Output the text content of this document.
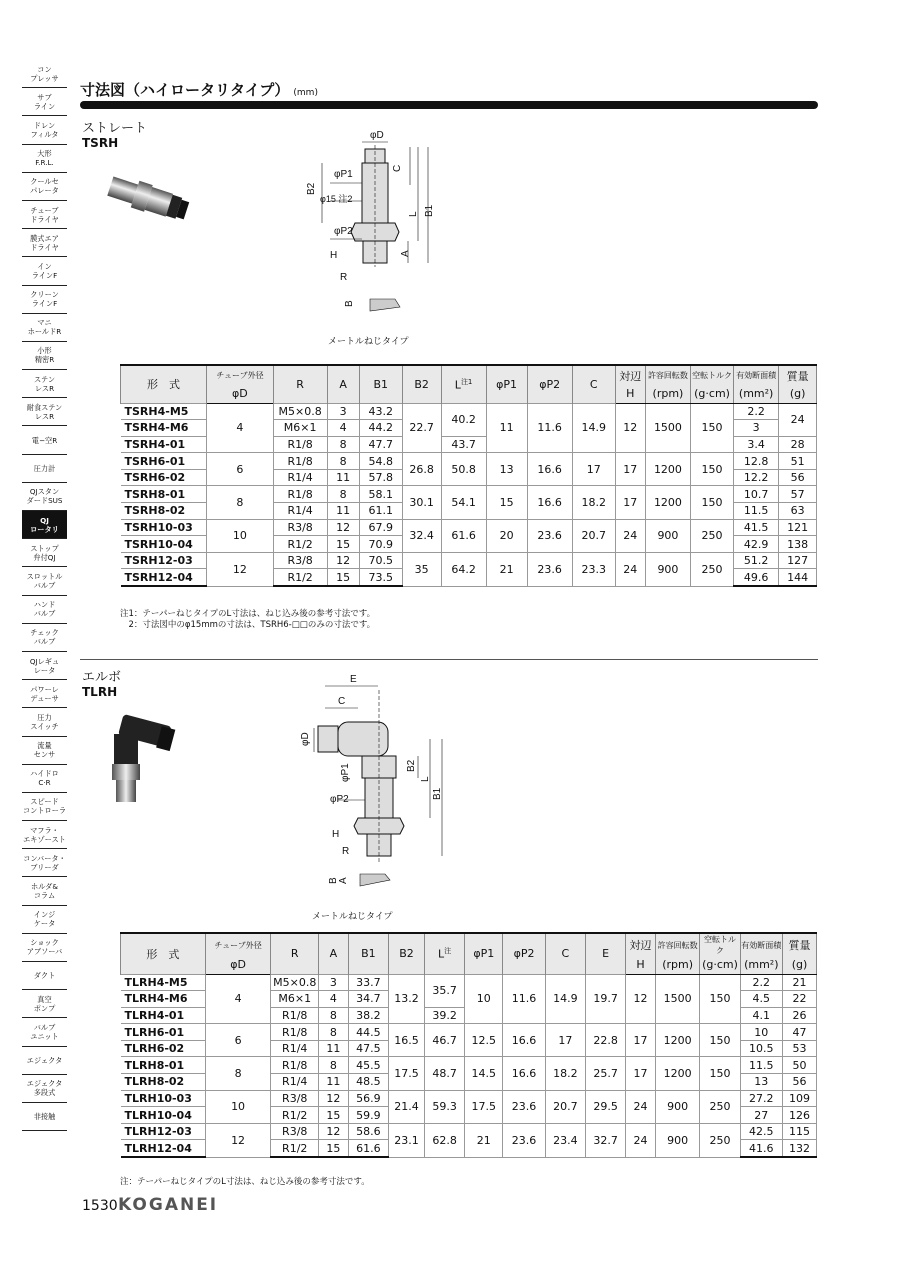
コン
プレッサ
サブ
ライン
ドレン
フィルタ
大形
F.R.L.
クールセ
パレータ
チューブ
ドライヤ
膜式エア
ドライヤ
イン
ラインF
クリーン
ラインF
マニ
ホールドR
小形
精密R
ステン
レスR
耐食ステン
レスR
電−空R
圧力計
QJスタン
ダードSUS
QJ
ロータリ
ストップ
弁付QJ
スロットル
バルブ
ハンド
バルブ
チェック
バルブ
QJレギュ
レータ
パワーレ
デューサ
圧力
スイッチ
流量
センサ
ハイドロ
C·R
スピード
コントローラ
マフラ・
エキゾースト
コンバータ・
ブリーダ
ホルダ&
コラム
インジ
ケータ
ショック
アブソーバ
ダクト
真空
ポンプ
バルブ
ユニット
エジェクタ
エジェクタ
多段式
非接触
寸法図（ハイロータリタイプ） (mm)
ストレート
TSRH
φD
φP1
φ15 注2
φP2
H
R
B2
C
L B1
A
B
メートルねじタイプ
形　式	チューブ外径	R	A	B1	B2	$L^{注1}$	φP1	φP2	C	対辺	許容回転数	空転トルク	有効断面積	質量
	φD									H	(rpm)	(g·cm)	(mm²)	(g)
TSRH4-M5	4	M5×0.8	3	43.2	22.7	40.2	11	11.6	14.9	12	1500	150	2.2	24
TSRH4-M6		M6×1	4	44.2									3	
TSRH4-01		R1/8	8	47.7		43.7							3.4	28
TSRH6-01	6	R1/8	8	54.8	26.8	50.8	13	16.6	17	17	1200	150	12.8	51
TSRH6-02		R1/4	11	57.8									12.2	56
TSRH8-01	8	R1/8	8	58.1	30.1	54.1	15	16.6	18.2	17	1200	150	10.7	57
TSRH8-02		R1/4	11	61.1									11.5	63
TSRH10-03	10	R3/8	12	67.9	32.4	61.6	20	23.6	20.7	24	900	250	41.5	121
TSRH10-04		R1/2	15	70.9									42.9	138
TSRH12-03	12	R3/8	12	70.5	35	64.2	21	23.6	23.3	24	900	250	51.2	127
TSRH12-04		R1/2	15	73.5									49.6	144
注1：テーパーねじタイプのL寸法は、ねじ込み後の参考寸法です。
　2：寸法図中のφ15mmの寸法は、TSRH6-□□のみの寸法です。
エルボ
TLRH
E
C
φD
φP1	B2
L
B1
φP2
H
R
A
B
メートルねじタイプ
形　式	チューブ外径	R	A	B1	B2	$L^注$	φP1	φP2	C	E	対辺	許容回転数	空転トルク	有効断面積	質量
	φD										H	(rpm)	(g·cm)	(mm²)	(g)
TLRH4-M5	4	M5×0.8	3	33.7	13.2	35.7	10	11.6	14.9	19.7	12	1500	150	2.2	21
TLRH4-M6		M6×1	4	34.7										4.5	22
TLRH4-01		R1/8	8	38.2		39.2								4.1	26
TLRH6-01	6	R1/8	8	44.5	16.5	46.7	12.5	16.6	17	22.8	17	1200	150	10	47
TLRH6-02		R1/4	11	47.5										10.5	53
TLRH8-01	8	R1/8	8	45.5	17.5	48.7	14.5	16.6	18.2	25.7	17	1200	150	11.5	50
TLRH8-02		R1/4	11	48.5										13	56
TLRH10-03	10	R3/8	12	56.9	21.4	59.3	17.5	23.6	20.7	29.5	24	900	250	27.2	109
TLRH10-04		R1/2	15	59.9										27	126
TLRH12-03	12	R3/8	12	58.6	23.1	62.8	21	23.6	23.4	32.7	24	900	250	42.5	115
TLRH12-04		R1/2	15	61.6										41.6	132
注：テーパーねじタイプのL寸法は、ねじ込み後の参考寸法です。
1530 KOGANEI
